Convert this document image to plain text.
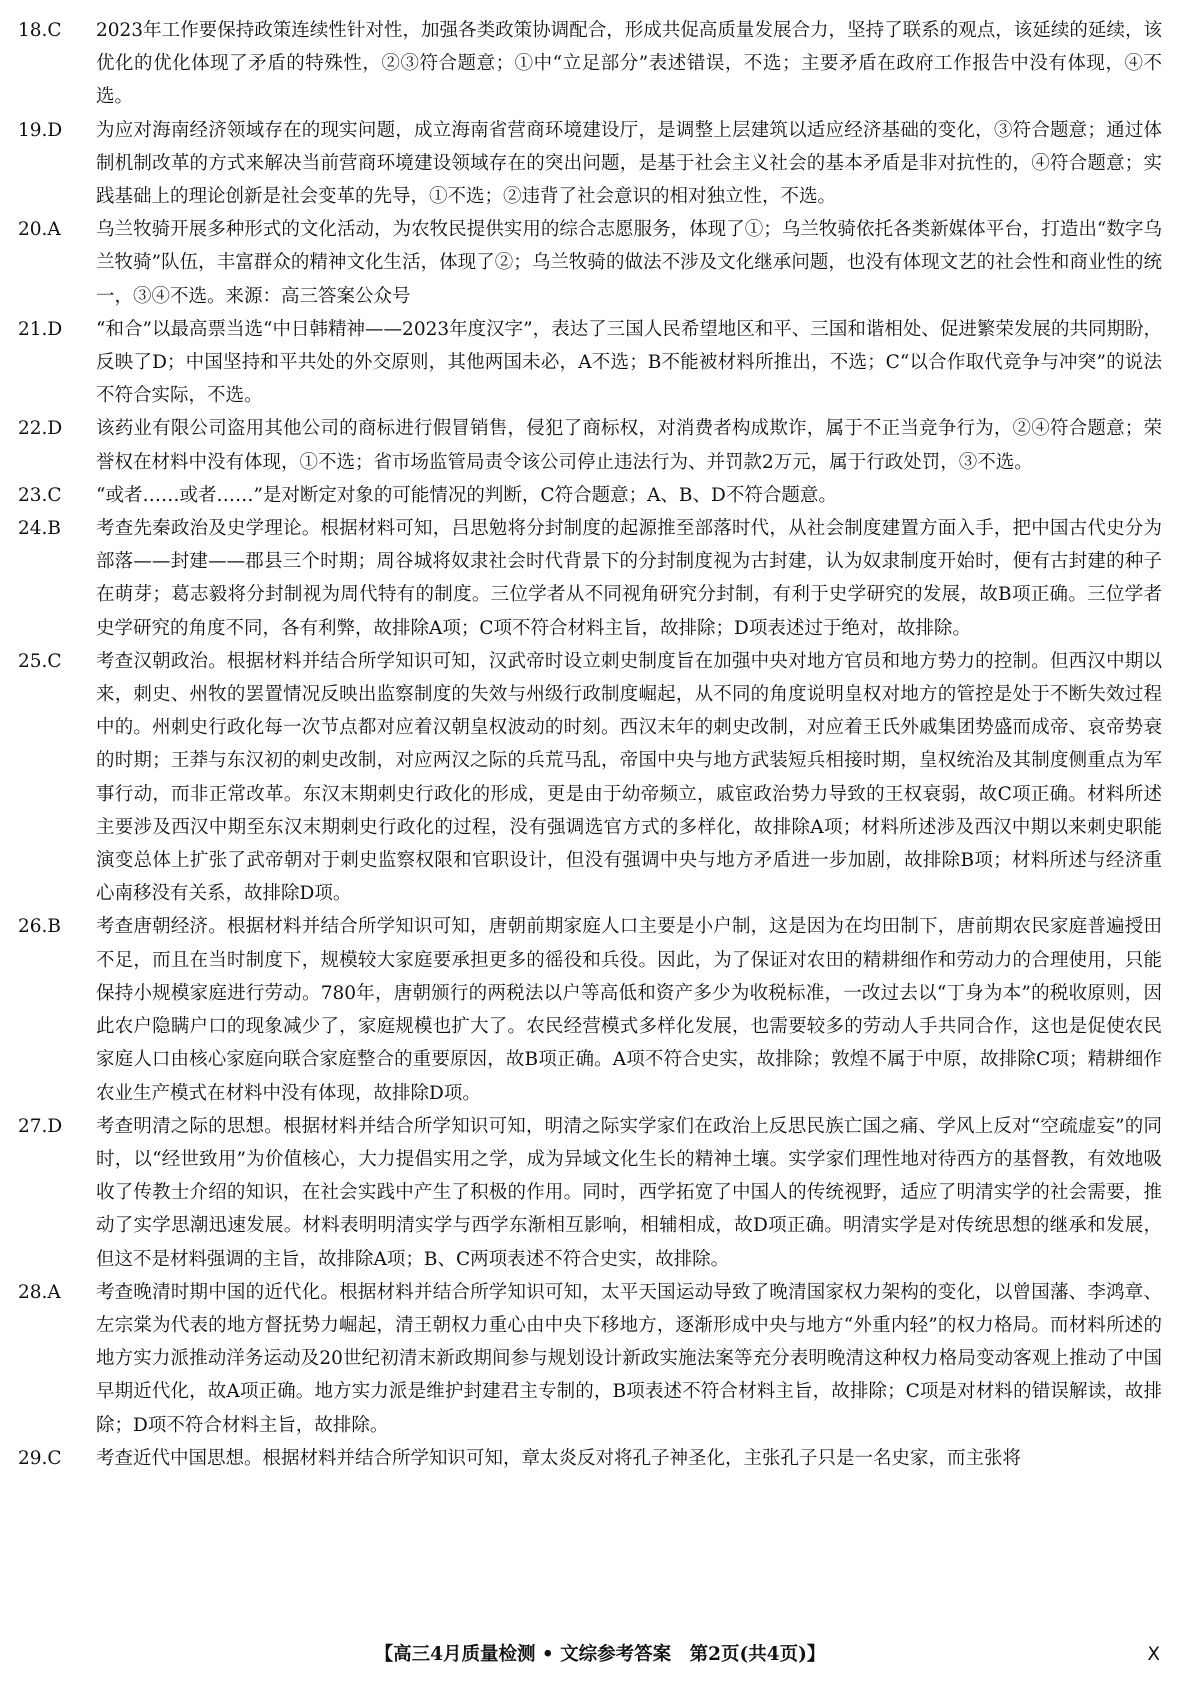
18.C	2023年工作要保持政策连续性针对性，加强各类政策协调配合，形成共促高质量发展合力，坚持了联系的观点，该延续的延续，该优化的优化体现了矛盾的特殊性，②③符合题意；①中“立足部分”表述错误，不选；主要矛盾在政府工作报告中没有体现，④不选。
19.D	为应对海南经济领域存在的现实问题，成立海南省营商环境建设厅，是调整上层建筑以适应经济基础的变化，③符合题意；通过体制机制改革的方式来解决当前营商环境建设领域存在的突出问题，是基于社会主义社会的基本矛盾是非对抗性的，④符合题意；实践基础上的理论创新是社会变革的先导，①不选；②违背了社会意识的相对独立性，不选。
20.A	乌兰牧骑开展多种形式的文化活动，为农牧民提供实用的综合志愿服务，体现了①；乌兰牧骑依托各类新媒体平台，打造出“数字乌兰牧骑”队伍，丰富群众的精神文化生活，体现了②；乌兰牧骑的做法不涉及文化继承问题，也没有体现文艺的社会性和商业性的统一，③④不选。来源：高三答案公众号
21.D	“和合”以最高票当选“中日韩精神——2023年度汉字”，表达了三国人民希望地区和平、三国和谐相处、促进繁荣发展的共同期盼，反映了D；中国坚持和平共处的外交原则，其他两国未必，A不选；B不能被材料所推出，不选；C“以合作取代竞争与冲突”的说法不符合实际，不选。
22.D	该药业有限公司盗用其他公司的商标进行假冒销售，侵犯了商标权，对消费者构成欺诈，属于不正当竞争行为，②④符合题意；荣誉权在材料中没有体现，①不选；省市场监管局责令该公司停止违法行为、并罚款2万元，属于行政处罚，③不选。
23.C	“或者……或者……”是对断定对象的可能情况的判断，C符合题意；A、B、D不符合题意。
24.B	考查先秦政治及史学理论。根据材料可知，吕思勉将分封制度的起源推至部落时代，从社会制度建置方面入手，把中国古代史分为部落——封建——郡县三个时期；周谷城将奴隶社会时代背景下的分封制度视为古封建，认为奴隶制度开始时，便有古封建的种子在萌芽；葛志毅将分封制视为周代特有的制度。三位学者从不同视角研究分封制，有利于史学研究的发展，故B项正确。三位学者史学研究的角度不同，各有利弊，故排除A项；C项不符合材料主旨，故排除；D项表述过于绝对，故排除。
25.C	考查汉朝政治。根据材料并结合所学知识可知，汉武帝时设立刺史制度旨在加强中央对地方官员和地方势力的控制。但西汉中期以来，刺史、州牧的罢置情况反映出监察制度的失效与州级行政制度崛起，从不同的角度说明皇权对地方的管控是处于不断失效过程中的。州刺史行政化每一次节点都对应着汉朝皇权波动的时刻。西汉末年的刺史改制，对应着王氏外戚集团势盛而成帝、哀帝势衰的时期；王莽与东汉初的刺史改制，对应两汉之际的兵荒马乱，帝国中央与地方武装短兵相接时期，皇权统治及其制度侧重点为军事行动，而非正常改革。东汉末期刺史行政化的形成，更是由于幼帝频立，戚宦政治势力导致的王权衰弱，故C项正确。材料所述主要涉及西汉中期至东汉末期刺史行政化的过程，没有强调选官方式的多样化，故排除A项；材料所述涉及西汉中期以来刺史职能演变总体上扩张了武帝朝对于刺史监察权限和官职设计，但没有强调中央与地方矛盾进一步加剧，故排除B项；材料所述与经济重心南移没有关系，故排除D项。
26.B	考查唐朝经济。根据材料并结合所学知识可知，唐朝前期家庭人口主要是小户制，这是因为在均田制下，唐前期农民家庭普遍授田不足，而且在当时制度下，规模较大家庭要承担更多的徭役和兵役。因此，为了保证对农田的精耕细作和劳动力的合理使用，只能保持小规模家庭进行劳动。780年，唐朝颁行的两税法以户等高低和资产多少为收税标准，一改过去以“丁身为本”的税收原则，因此农户隐瞒户口的现象减少了，家庭规模也扩大了。农民经营模式多样化发展，也需要较多的劳动人手共同合作，这也是促使农民家庭人口由核心家庭向联合家庭整合的重要原因，故B项正确。A项不符合史实，故排除；敦煌不属于中原，故排除C项；精耕细作农业生产模式在材料中没有体现，故排除D项。
27.D	考查明清之际的思想。根据材料并结合所学知识可知，明清之际实学家们在政治上反思民族亡国之痛、学风上反对“空疏虚妄”的同时，以“经世致用”为价值核心，大力提倡实用之学，成为异域文化生长的精神土壤。实学家们理性地对待西方的基督教，有效地吸收了传教士介绍的知识，在社会实践中产生了积极的作用。同时，西学拓宽了中国人的传统视野，适应了明清实学的社会需要，推动了实学思潮迅速发展。材料表明明清实学与西学东渐相互影响，相辅相成，故D项正确。明清实学是对传统思想的继承和发展，但这不是材料强调的主旨，故排除A项；B、C两项表述不符合史实，故排除。
28.A	考查晚清时期中国的近代化。根据材料并结合所学知识可知，太平天国运动导致了晚清国家权力架构的变化，以曾国藩、李鸿章、左宗棠为代表的地方督抚势力崛起，清王朝权力重心由中央下移地方，逐渐形成中央与地方“外重内轻”的权力格局。而材料所述的地方实力派推动洋务运动及20世纪初清末新政期间参与规划设计新政实施法案等充分表明晚清这种权力格局变动客观上推动了中国早期近代化，故A项正确。地方实力派是维护封建君主专制的，B项表述不符合材料主旨，故排除；C项是对材料的错误解读，故排除；D项不符合材料主旨，故排除。
29.C	考查近代中国思想。根据材料并结合所学知识可知，章太炎反对将孔子神圣化，主张孔子只是一名史家，而主张将
【高三4月质量检测 • 文综参考答案　第2页(共4页)】	X
